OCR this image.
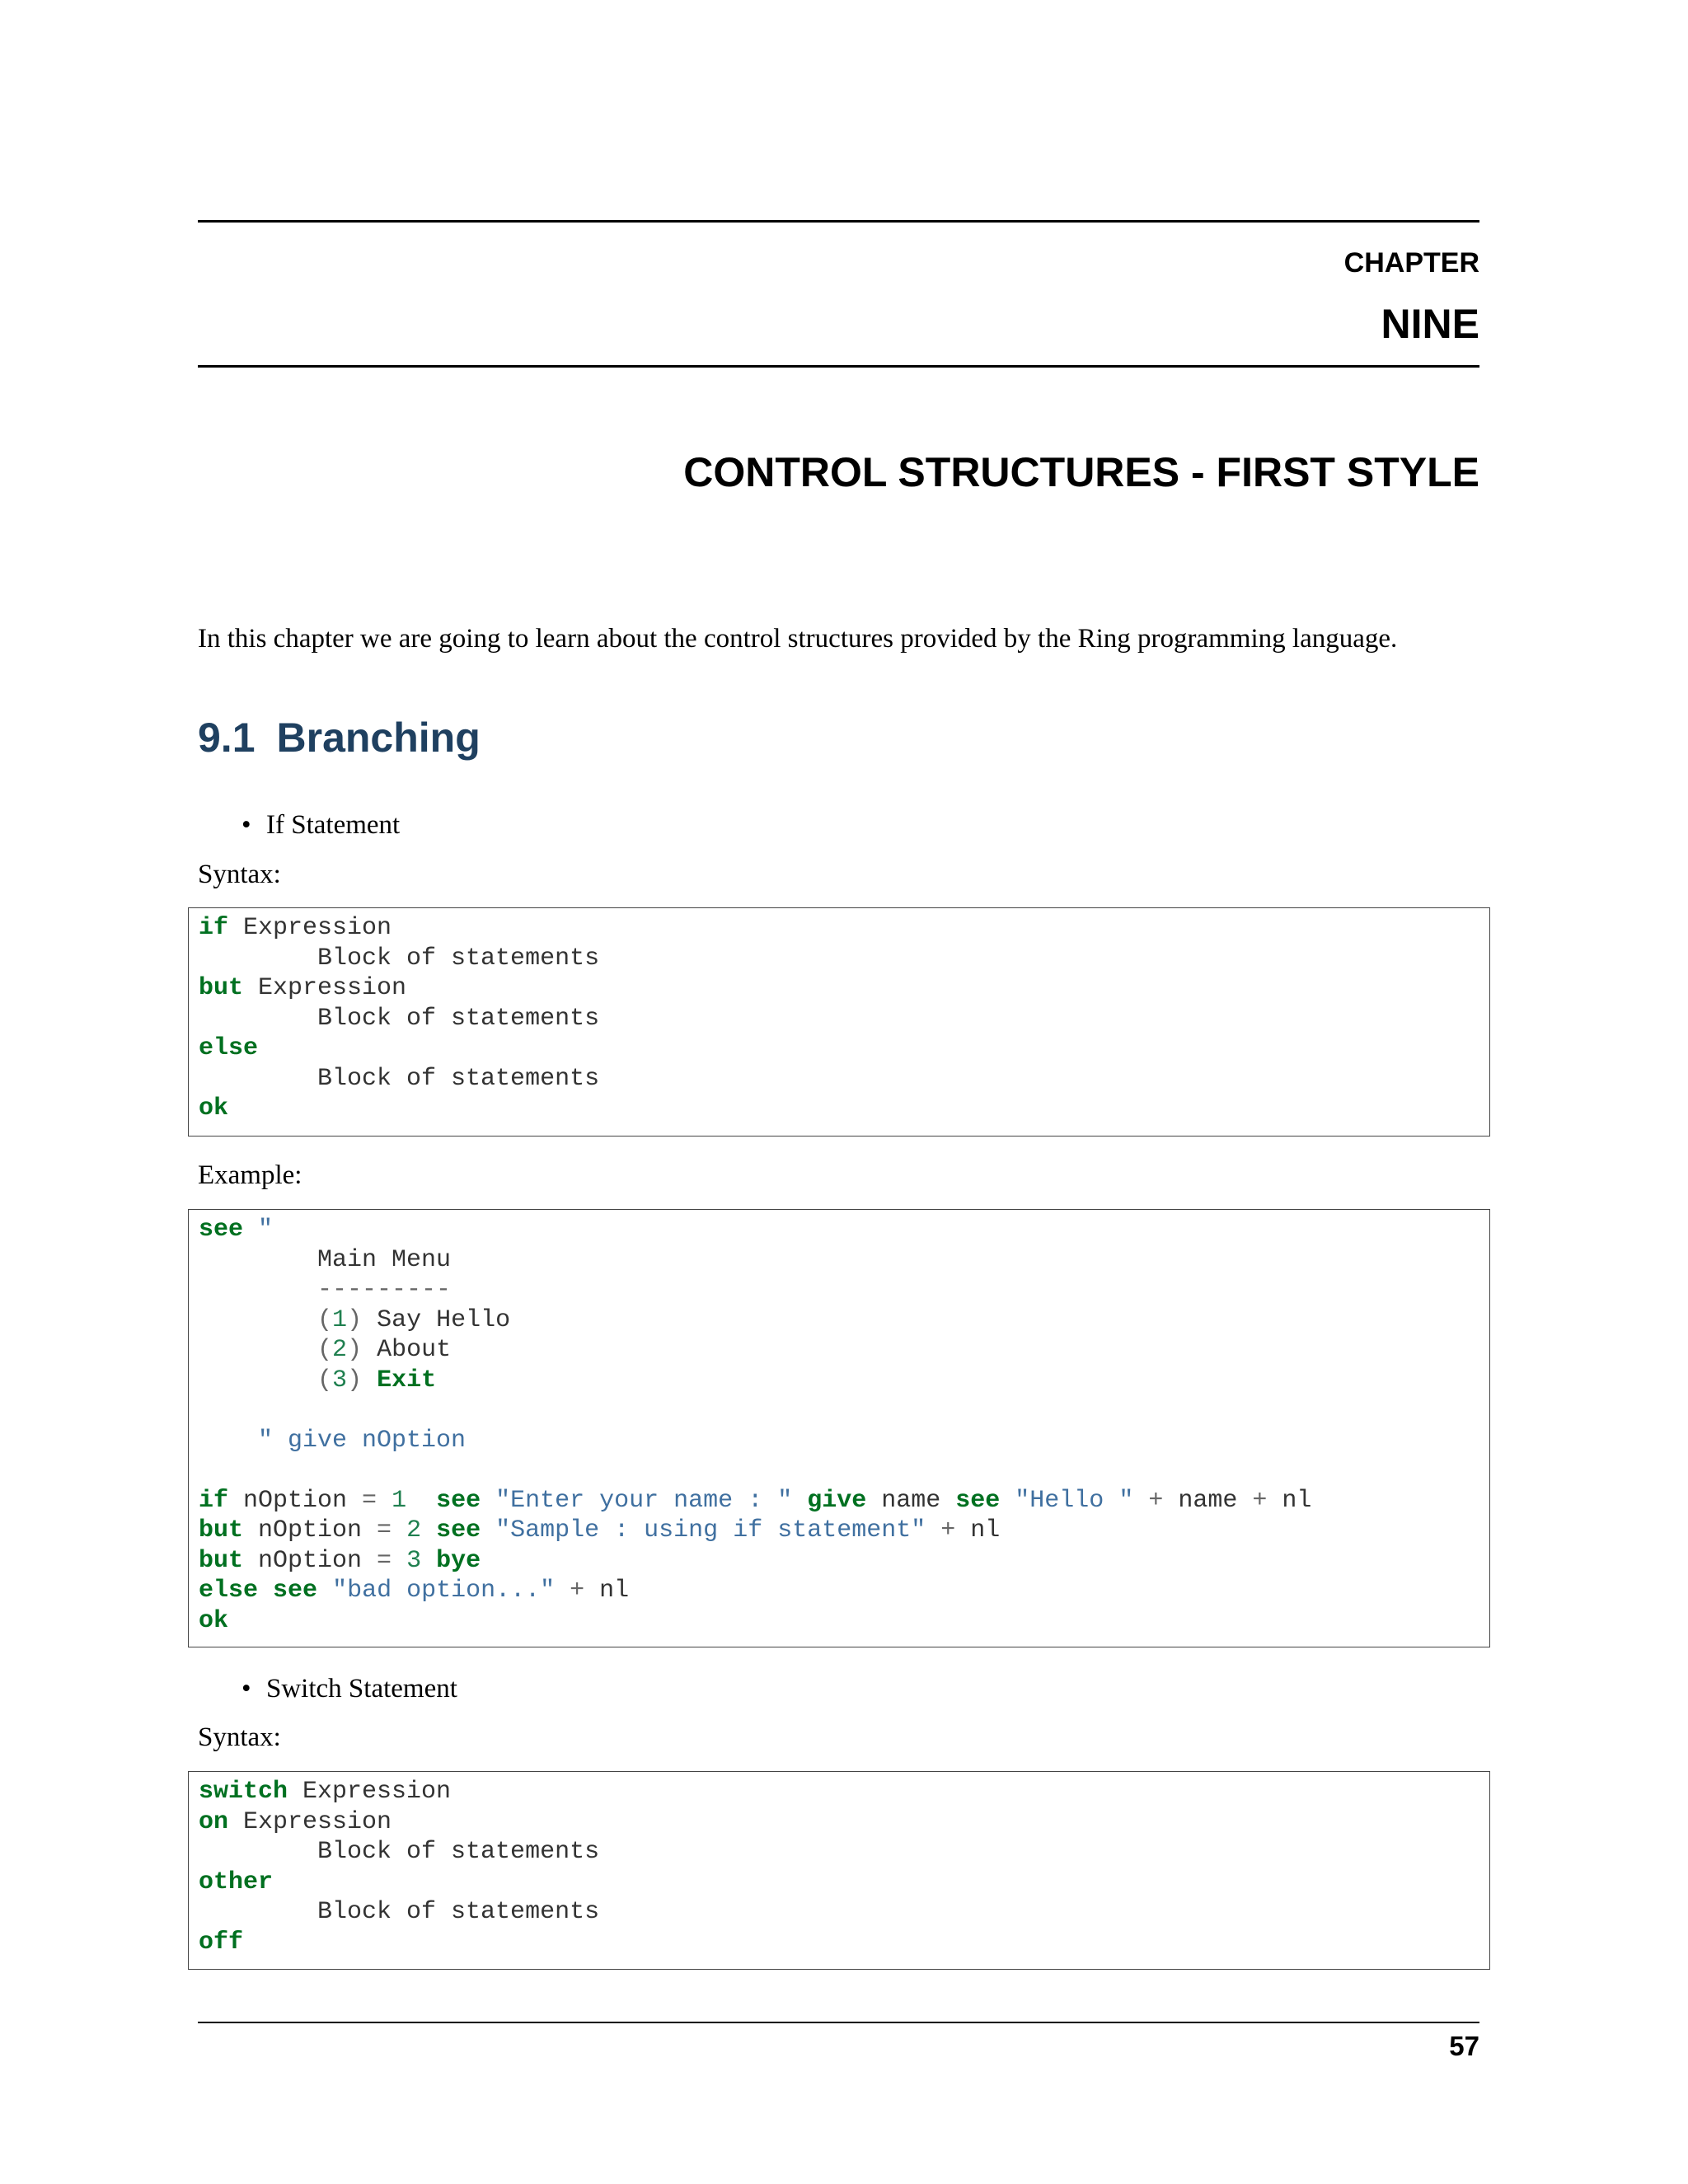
CHAPTER

NINE

CONTROL STRUCTURES - FIRST STYLE

In this chapter we are going to learn about the control structures provided by the Ring programming language.

9.1 Branching

• If Statement

Syntax:

if Expression
Block of statements
but Expression
Block of statements
else
Block of statements
ok

Example:

see "
Main Menu
---------
(1) Say Hello
(2) About
(3) Exit

" give nOption

if nOption = 1 see "Enter your name : " give name see "Hello " + name + nl
but nOption = 2 see "Sample : using if statement" + nl
but nOption = 3 bye
else see "bad option..." + nl
ok

• Switch Statement

Syntax:

switch Expression
on Expression
Block of statements
other
Block of statements
off

57
